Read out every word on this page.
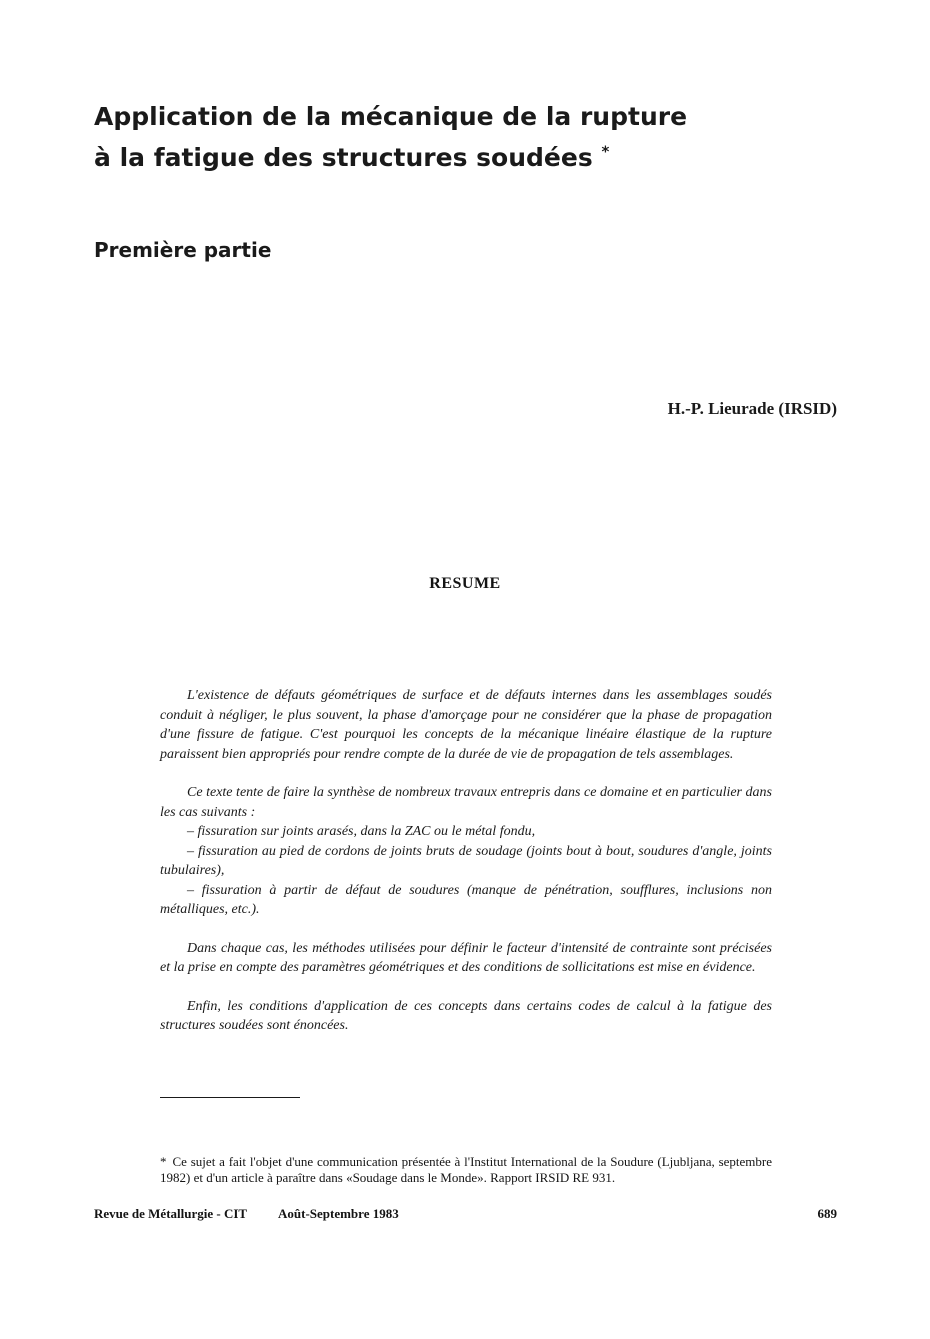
Application de la mécanique de la rupture
à la fatigue des structures soudées *
Première partie
H.-P. Lieurade (IRSID)
RESUME

L'existence de défauts géométriques de surface et de défauts internes dans les assemblages soudés conduit à négliger, le plus souvent, la phase d'amorçage pour ne considérer que la phase de propagation d'une fissure de fatigue. C'est pourquoi les concepts de la mécanique linéaire élastique de la rupture paraissent bien appropriés pour rendre compte de la durée de vie de propagation de tels assemblages.

Ce texte tente de faire la synthèse de nombreux travaux entrepris dans ce domaine et en particulier dans les cas suivants :

– fissuration sur joints arasés, dans la ZAC ou le métal fondu,

– fissuration au pied de cordons de joints bruts de soudage (joints bout à bout, soudures d'angle, joints tubulaires),

– fissuration à partir de défaut de soudures (manque de pénétration, soufflures, inclusions non métalliques, etc.).

Dans chaque cas, les méthodes utilisées pour définir le facteur d'intensité de contrainte sont précisées et la prise en compte des paramètres géométriques et des conditions de sollicitations est mise en évidence.

Enfin, les conditions d'application de ces concepts dans certains codes de calcul à la fatigue des structures soudées sont énoncées.

* Ce sujet a fait l'objet d'une communication présentée à l'Institut International de la Soudure (Ljubljana, septembre 1982) et d'un article à paraître dans «Soudage dans le Monde». Rapport IRSID RE 931.

Revue de Métallurgie - CIT Août-Septembre 1983	689
